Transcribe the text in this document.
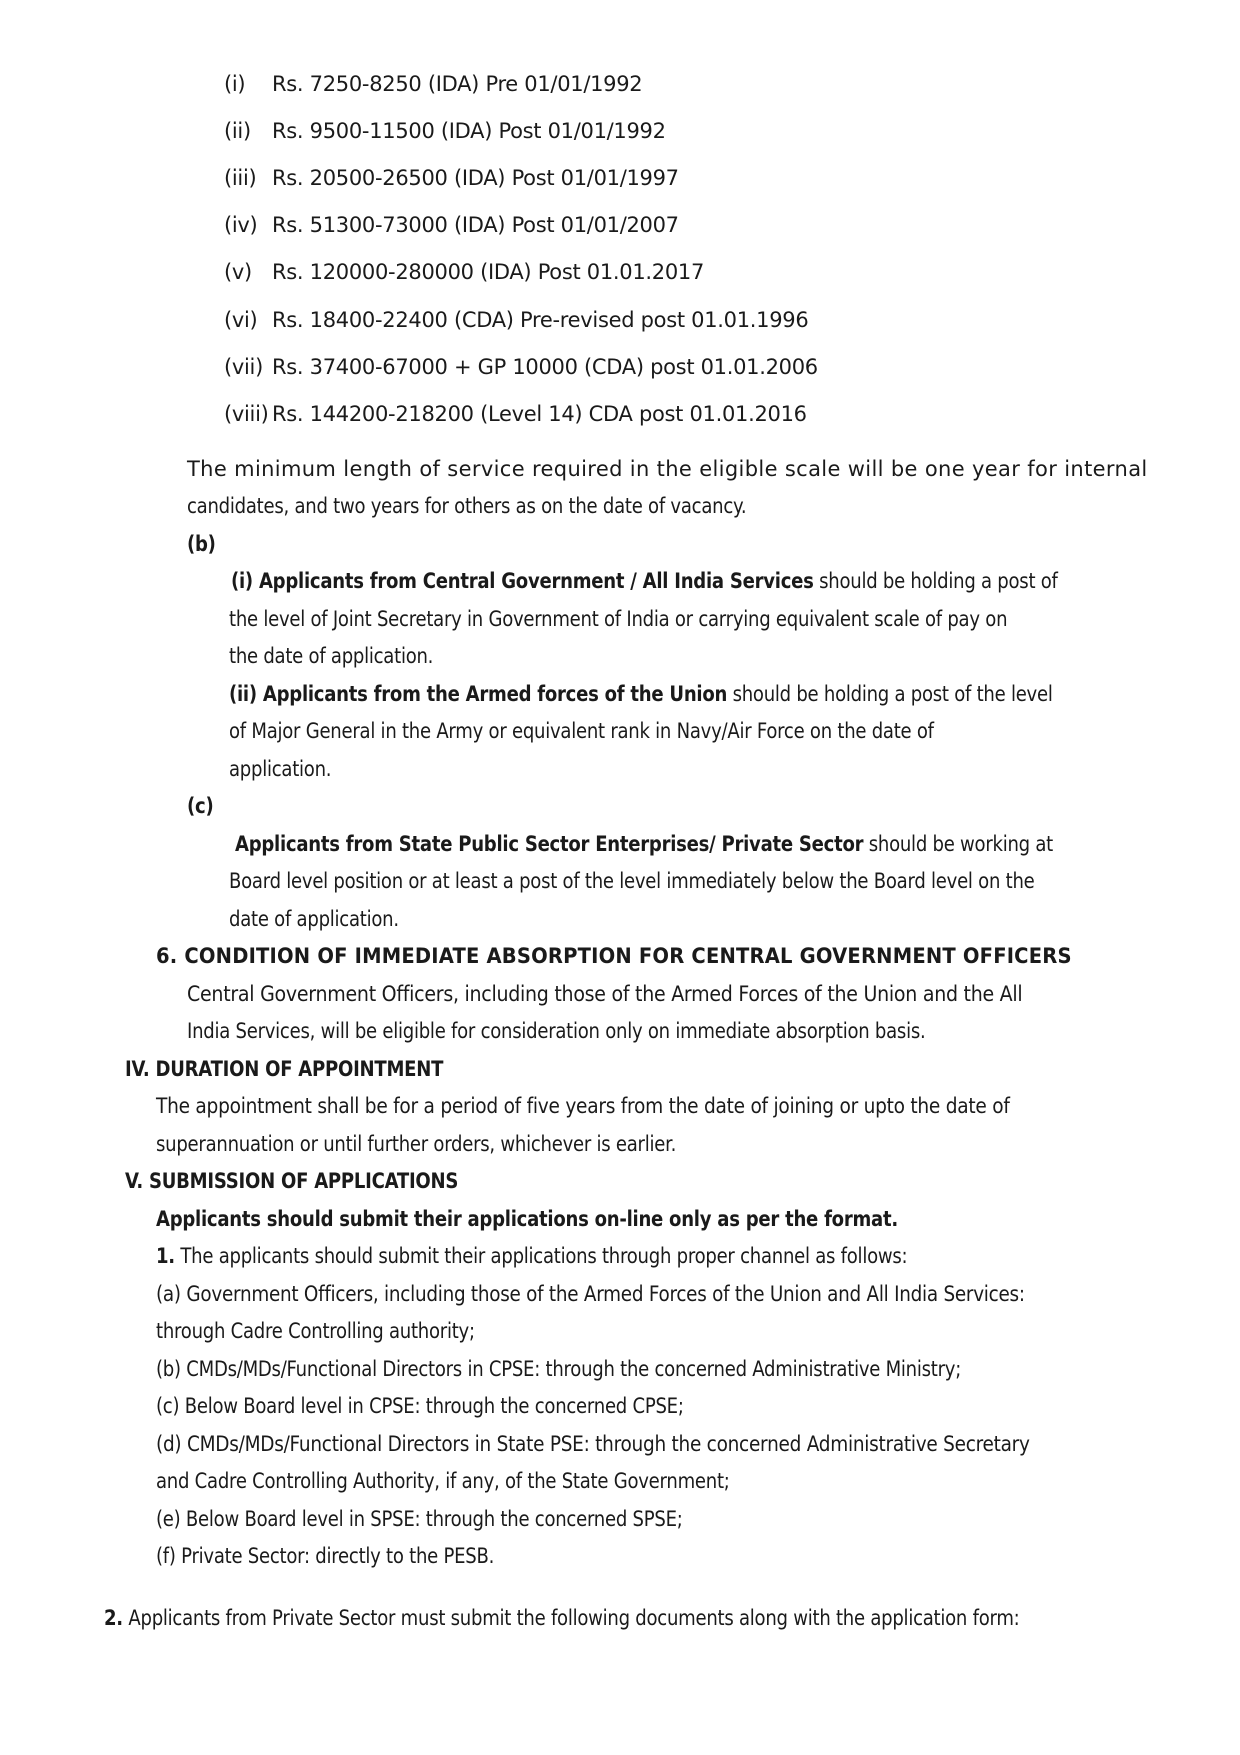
(i) Rs. 7250-8250 (IDA) Pre 01/01/1992
(ii) Rs. 9500-11500 (IDA) Post 01/01/1992
(iii) Rs. 20500-26500 (IDA) Post 01/01/1997
(iv) Rs. 51300-73000 (IDA) Post 01/01/2007
(v) Rs. 120000-280000 (IDA) Post 01.01.2017
(vi) Rs. 18400-22400 (CDA) Pre-revised post 01.01.1996
(vii) Rs. 37400-67000 + GP 10000 (CDA) post 01.01.2006
(viii) Rs. 144200-218200 (Level 14) CDA post 01.01.2016
The minimum length of service required in the eligible scale will be one year for internal
candidates, and two years for others as on the date of vacancy.
(b)
(i) Applicants from Central Government / All India Services should be holding a post of
the level of Joint Secretary in Government of India or carrying equivalent scale of pay on
the date of application.
(ii) Applicants from the Armed forces of the Union should be holding a post of the level
of Major General in the Army or equivalent rank in Navy/Air Force on the date of
application.
(c)
Applicants from State Public Sector Enterprises/ Private Sector should be working at
Board level position or at least a post of the level immediately below the Board level on the
date of application.
6. CONDITION OF IMMEDIATE ABSORPTION FOR CENTRAL GOVERNMENT OFFICERS
Central Government Officers, including those of the Armed Forces of the Union and the All
India Services, will be eligible for consideration only on immediate absorption basis.
IV. DURATION OF APPOINTMENT
The appointment shall be for a period of five years from the date of joining or upto the date of
superannuation or until further orders, whichever is earlier.
V. SUBMISSION OF APPLICATIONS
Applicants should submit their applications on-line only as per the format.
1. The applicants should submit their applications through proper channel as follows:
(a) Government Officers, including those of the Armed Forces of the Union and All India Services:
through Cadre Controlling authority;
(b) CMDs/MDs/Functional Directors in CPSE: through the concerned Administrative Ministry;
(c) Below Board level in CPSE: through the concerned CPSE;
(d) CMDs/MDs/Functional Directors in State PSE: through the concerned Administrative Secretary
and Cadre Controlling Authority, if any, of the State Government;
(e) Below Board level in SPSE: through the concerned SPSE;
(f) Private Sector: directly to the PESB.
2. Applicants from Private Sector must submit the following documents along with the application form:
